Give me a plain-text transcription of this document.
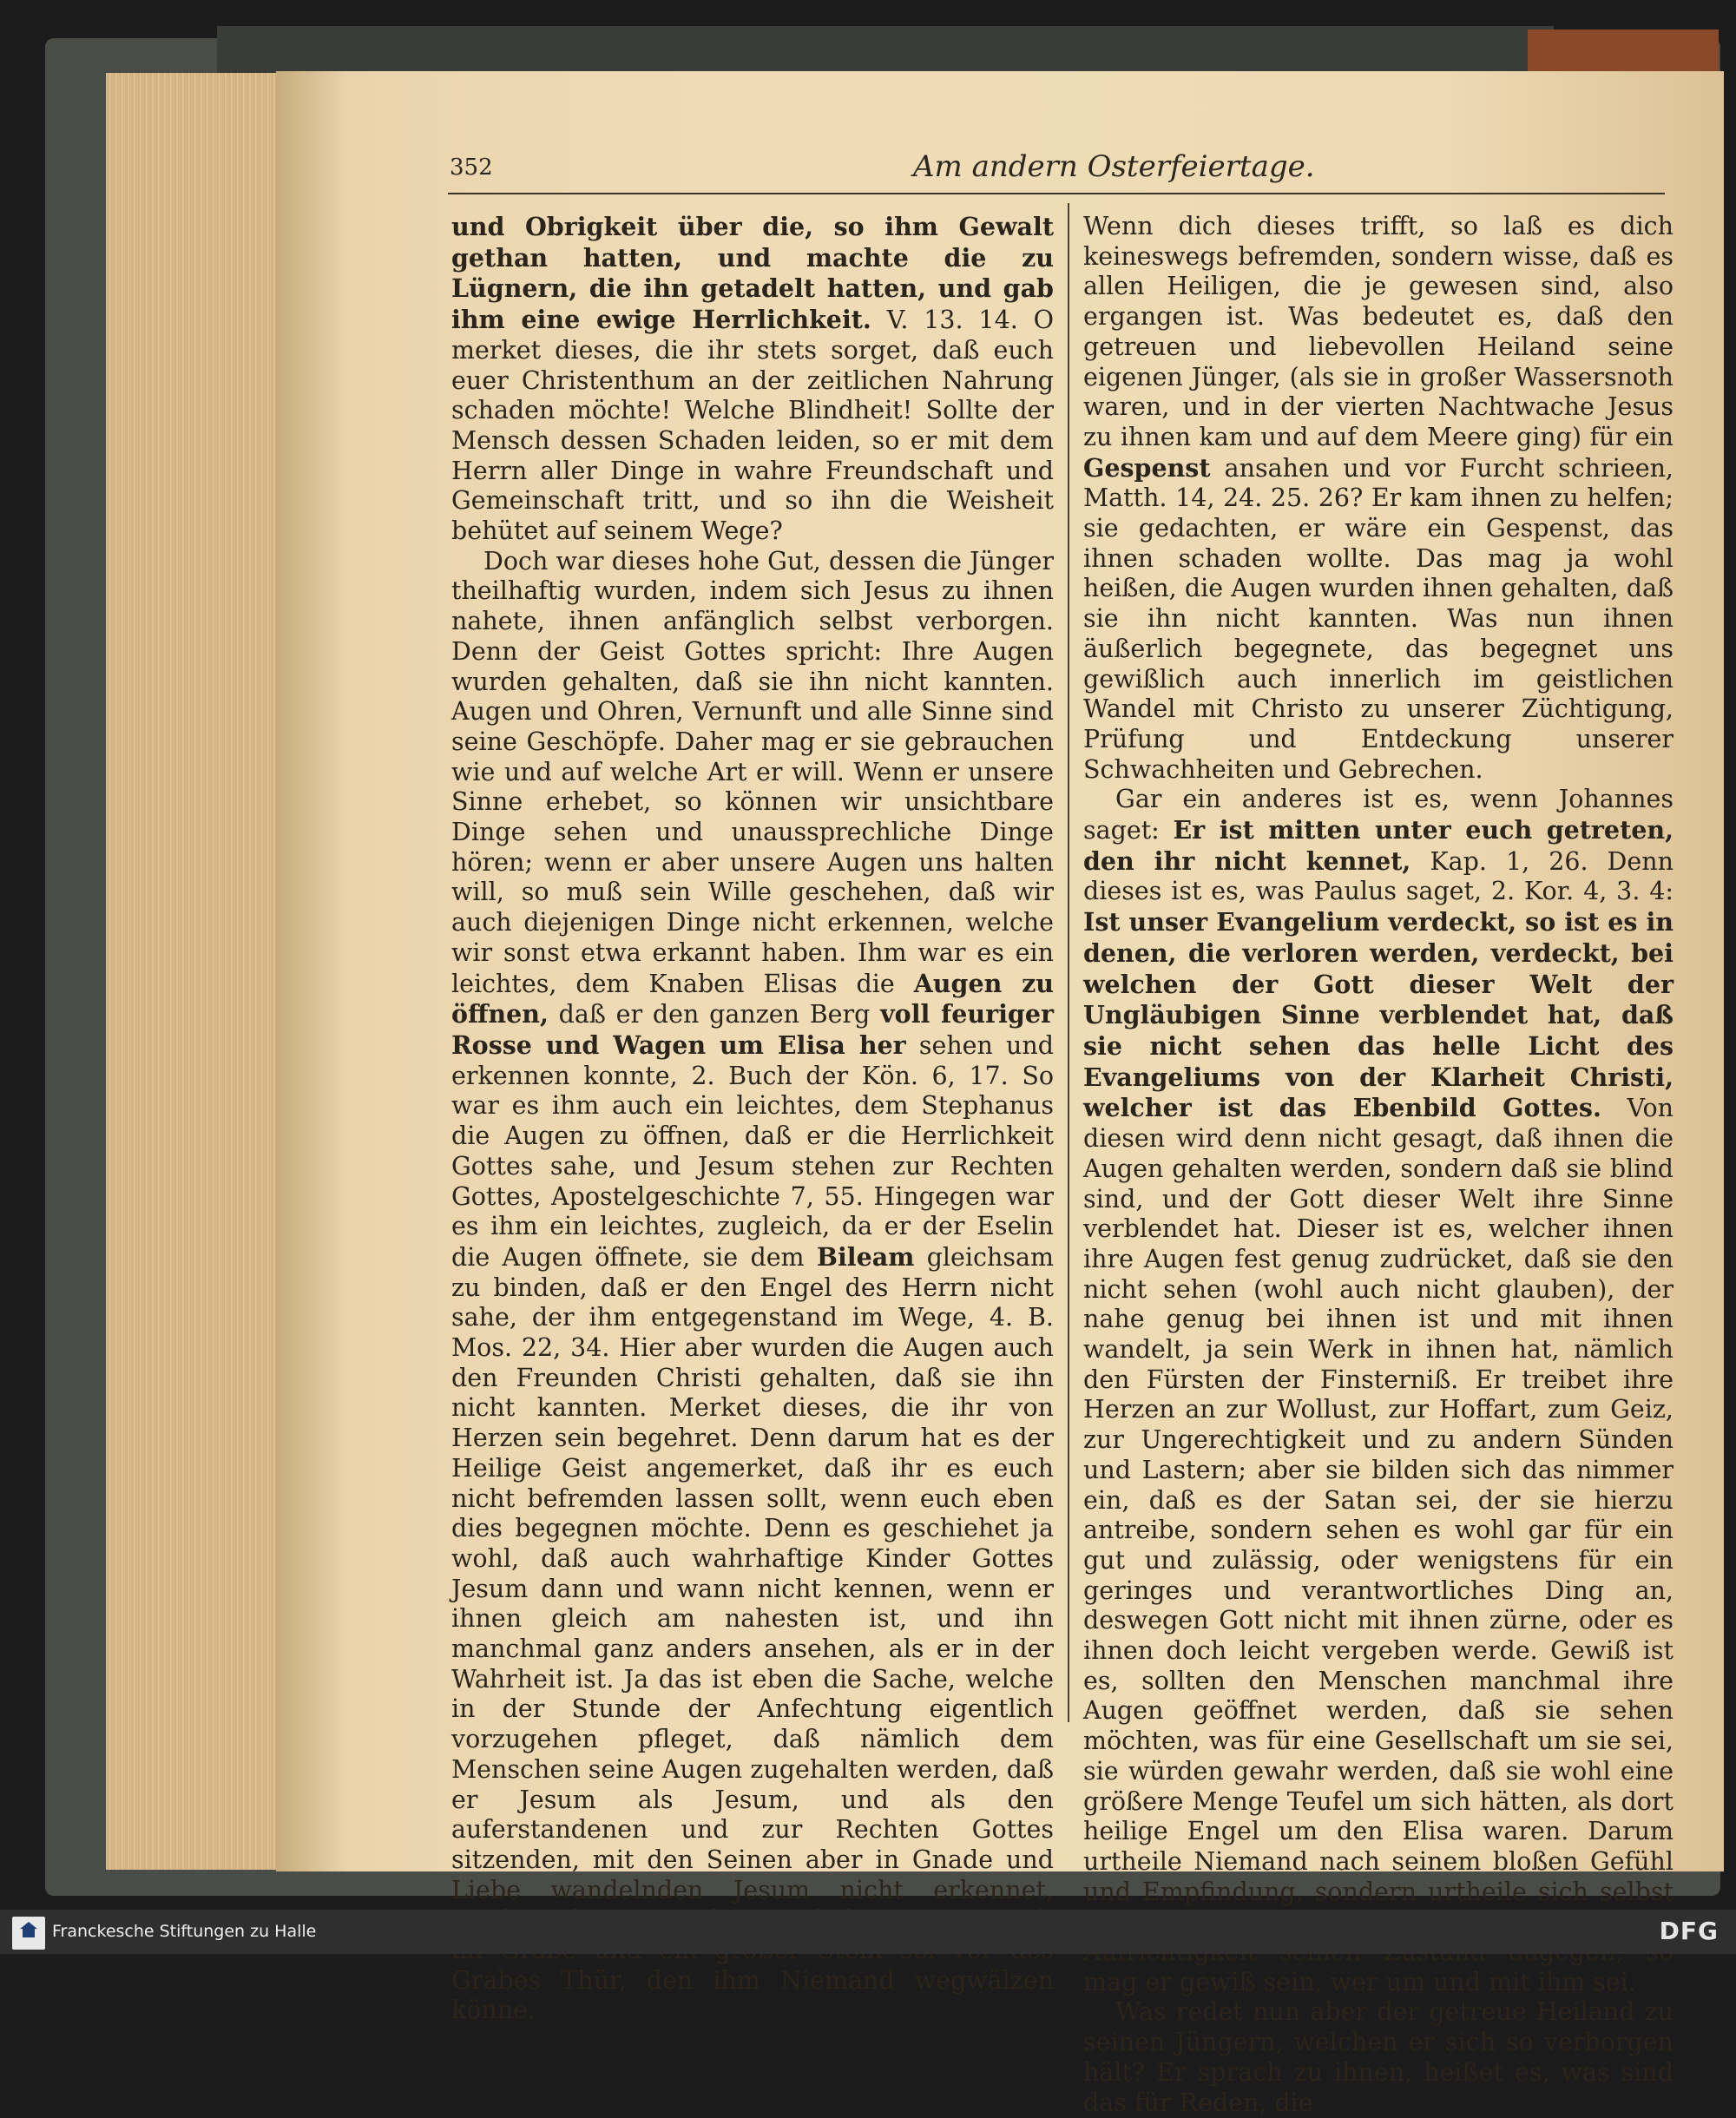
352	Am andern Osterfeiertage.

und Obrigkeit über die, so ihm Gewalt gethan hatten, und machte die zu Lügnern, die ihn getadelt hatten, und gab ihm eine ewige Herrlichkeit. V. 13. 14. O merket dieses, die ihr stets sorget, daß euch euer Christenthum an der zeitlichen Nahrung schaden möchte! Welche Blindheit! Sollte der Mensch dessen Schaden leiden, so er mit dem Herrn aller Dinge in wahre Freundschaft und Gemeinschaft tritt, und so ihn die Weisheit behütet auf seinem Wege?

Doch war dieses hohe Gut, dessen die Jünger theilhaftig wurden, indem sich Jesus zu ihnen nahete, ihnen anfänglich selbst verborgen. Denn der Geist Gottes spricht: Ihre Augen wurden gehalten, daß sie ihn nicht kannten. Augen und Ohren, Vernunft und alle Sinne sind seine Geschöpfe. Daher mag er sie gebrauchen wie und auf welche Art er will. Wenn er unsere Sinne erhebet, so können wir unsichtbare Dinge sehen und unaussprechliche Dinge hören; wenn er aber unsere Augen uns halten will, so muß sein Wille geschehen, daß wir auch diejenigen Dinge nicht erkennen, welche wir sonst etwa erkannt haben. Ihm war es ein leichtes, dem Knaben Elisas die Augen zu öffnen, daß er den ganzen Berg voll feuriger Rosse und Wagen um Elisa her sehen und erkennen konnte, 2. Buch der Kön. 6, 17. So war es ihm auch ein leichtes, dem Stephanus die Augen zu öffnen, daß er die Herrlichkeit Gottes sahe, und Jesum stehen zur Rechten Gottes, Apostelgeschichte 7, 55. Hingegen war es ihm ein leichtes, zugleich, da er der Eselin die Augen öffnete, sie dem Bileam gleichsam zu binden, daß er den Engel des Herrn nicht sahe, der ihm entgegenstand im Wege, 4. B. Mos. 22, 34. Hier aber wurden die Augen auch den Freunden Christi gehalten, daß sie ihn nicht kannten. Merket dieses, die ihr von Herzen sein begehret. Denn darum hat es der Heilige Geist angemerket, daß ihr es euch nicht befremden lassen sollt, wenn euch eben dies begegnen möchte. Denn es geschiehet ja wohl, daß auch wahrhaftige Kinder Gottes Jesum dann und wann nicht kennen, wenn er ihnen gleich am nahesten ist, und ihn manchmal ganz anders ansehen, als er in der Wahrheit ist. Ja das ist eben die Sache, welche in der Stunde der Anfechtung eigentlich vorzugehen pfleget, daß nämlich dem Menschen seine Augen zugehalten werden, daß er Jesum als Jesum, und als den auferstandenen und zur Rechten Gottes sitzenden, mit den Seinen aber in Gnade und Liebe wandelnden Jesum nicht erkennet, Grabes Thür, den ihm Niemand wegwälzen könne.

Wenn dich dieses trifft, so laß es dich keineswegs befremden, sondern wisse, daß es allen Heiligen, die je gewesen sind, also ergangen ist. Was bedeutet es, daß den getreuen und liebevollen Heiland seine eigenen Jünger, (als sie in großer Wassersnoth waren, und in der vierten Nachtwache Jesus zu ihnen kam und auf dem Meere ging) für ein Gespenst ansahen und vor Furcht schrieen, Matth. 14, 24. 25. 26? Er kam ihnen zu helfen; sie gedachten, er wäre ein Gespenst, das ihnen schaden wollte. Das mag ja wohl heißen, die Augen wurden ihnen gehalten, daß sie ihn nicht kannten. Was nun ihnen äußerlich begegnete, das begegnet uns gewißlich auch innerlich im geistlichen Wandel mit Christo zu unserer Züchtigung, Prüfung und Entdeckung unserer Schwachheiten und Gebrechen.

Gar ein anderes ist es, wenn Johannes saget: Er ist mitten unter euch getreten, den ihr nicht kennet, Kap. 1, 26. Denn dieses ist es, was Paulus saget, 2. Kor. 4, 3. 4: Ist unser Evangelium verdeckt, so ist es in denen, die verloren werden, verdeckt, bei welchen der Gott dieser Welt der Ungläubigen Sinne verblendet hat, daß sie nicht sehen das helle Licht des Evangeliums von der Klarheit Christi, welcher ist das Ebenbild Gottes. Von diesen wird denn nicht gesagt, daß ihnen die Augen gehalten werden, sondern daß sie blind sind, und der Gott dieser Welt ihre Sinne verblendet hat. Dieser ist es, welcher ihnen ihre Augen fest genug zudrücket, daß sie den nicht sehen (wohl auch nicht glauben), der nahe genug bei ihnen ist und mit ihnen wandelt, ja sein Werk in ihnen hat, nämlich den Fürsten der Finsterniß. Er treibet ihre Herzen an zur Wollust, zur Hoffart, zum Geiz, zur Ungerechtigkeit und zu andern Sünden und Lastern; aber sie bilden sich das nimmer ein, daß es der Satan sei, der sie hierzu antreibe, sondern sehen es wohl gar für ein gut und zulässig, oder wenigstens für ein geringes und verantwortliches Ding an, deswegen Gott nicht mit ihnen zürne, oder es ihnen doch leicht vergeben werde. Gewiß ist es, sollten den Menschen manchmal ihre Augen geöffnet werden, daß sie sehen möchten, was für eine Gesellschaft um sie sei, sie würden gewahr werden, daß sie wohl eine größere Menge Teufel um sich hätten, als dort heilige Engel um den Elisa waren. Darum urtheile Niemand nach seinem bloßen Gefühl und Empfindung, sondern urtheile sich selbst mag er gewiß sein, wer um und mit ihm sei.

Was redet nun aber der getreue Heiland zu seinen Jüngern, welchen er sich so verborgen hält? Er sprach zu ihnen, heißet es, was sind das für Reden, die

Franckesche Stiftungen zu Halle	DFG
